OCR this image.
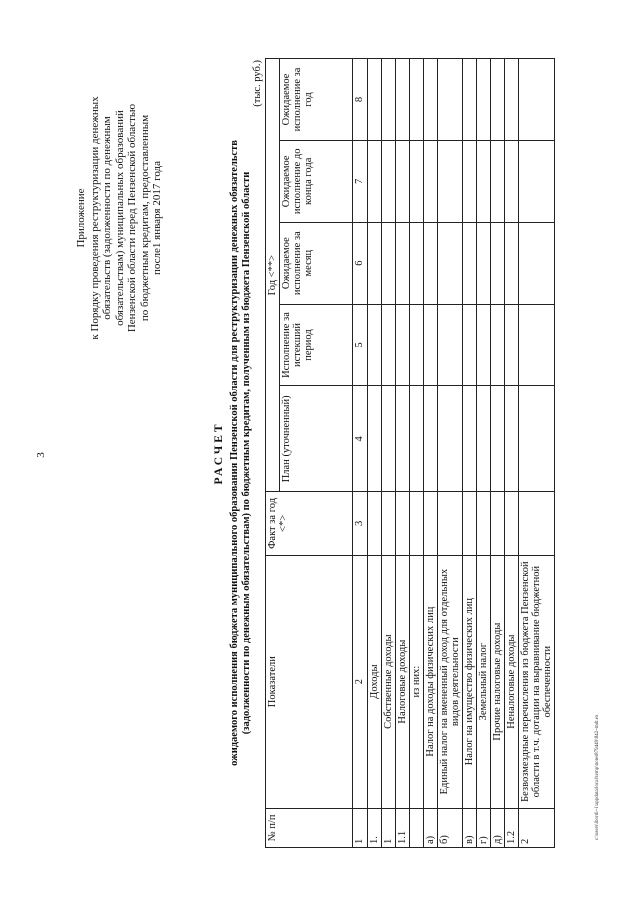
3
c:\users\ibordi~1\appdata\local\temp\notes879449\842~mdt.ex
Приложение к Порядку проведения реструктуризации денежных обязательств (задолженности по денежным обязательствам) муниципальных образований Пензенской области перед Пензенской областью по бюджетным кредитам, предоставленным после1 января 2017 года
РАСЧЕТ ожидаемого исполнения бюджета муниципального образования Пензенской области для реструктуризации денежных обязательств (задолженности по денежным обязательствам) по бюджетным кредитам, полученным из бюджета Пензенской области
(тыс. руб.)
№ п/п	Показатели	Факт за год <*>	Год <**>				
			План (уточненный)	Исполнение за истекший период	Ожидаемое исполнение за месяц	Ожидаемое исполнение до конца года	Ожидаемое исполнение за год
1	2	3	4	5	6	7	8
1.	Доходы						
1	Собственные доходы						
1.1	Налоговые доходы						
	из них:						
а)	Налог на доходы физических лиц						
б)	Единый налог на вмененный доход для отдельных видов деятельности						
в)	Налог на имущество физических лиц						
г)	Земельный налог						
д)	Прочие налоговые доходы						
1.2	Неналоговые доходы						
2	Безвозмездные перечисления из бюджета Пензенской области в т.ч. дотации на выравнивание бюджетной обеспеченности						
